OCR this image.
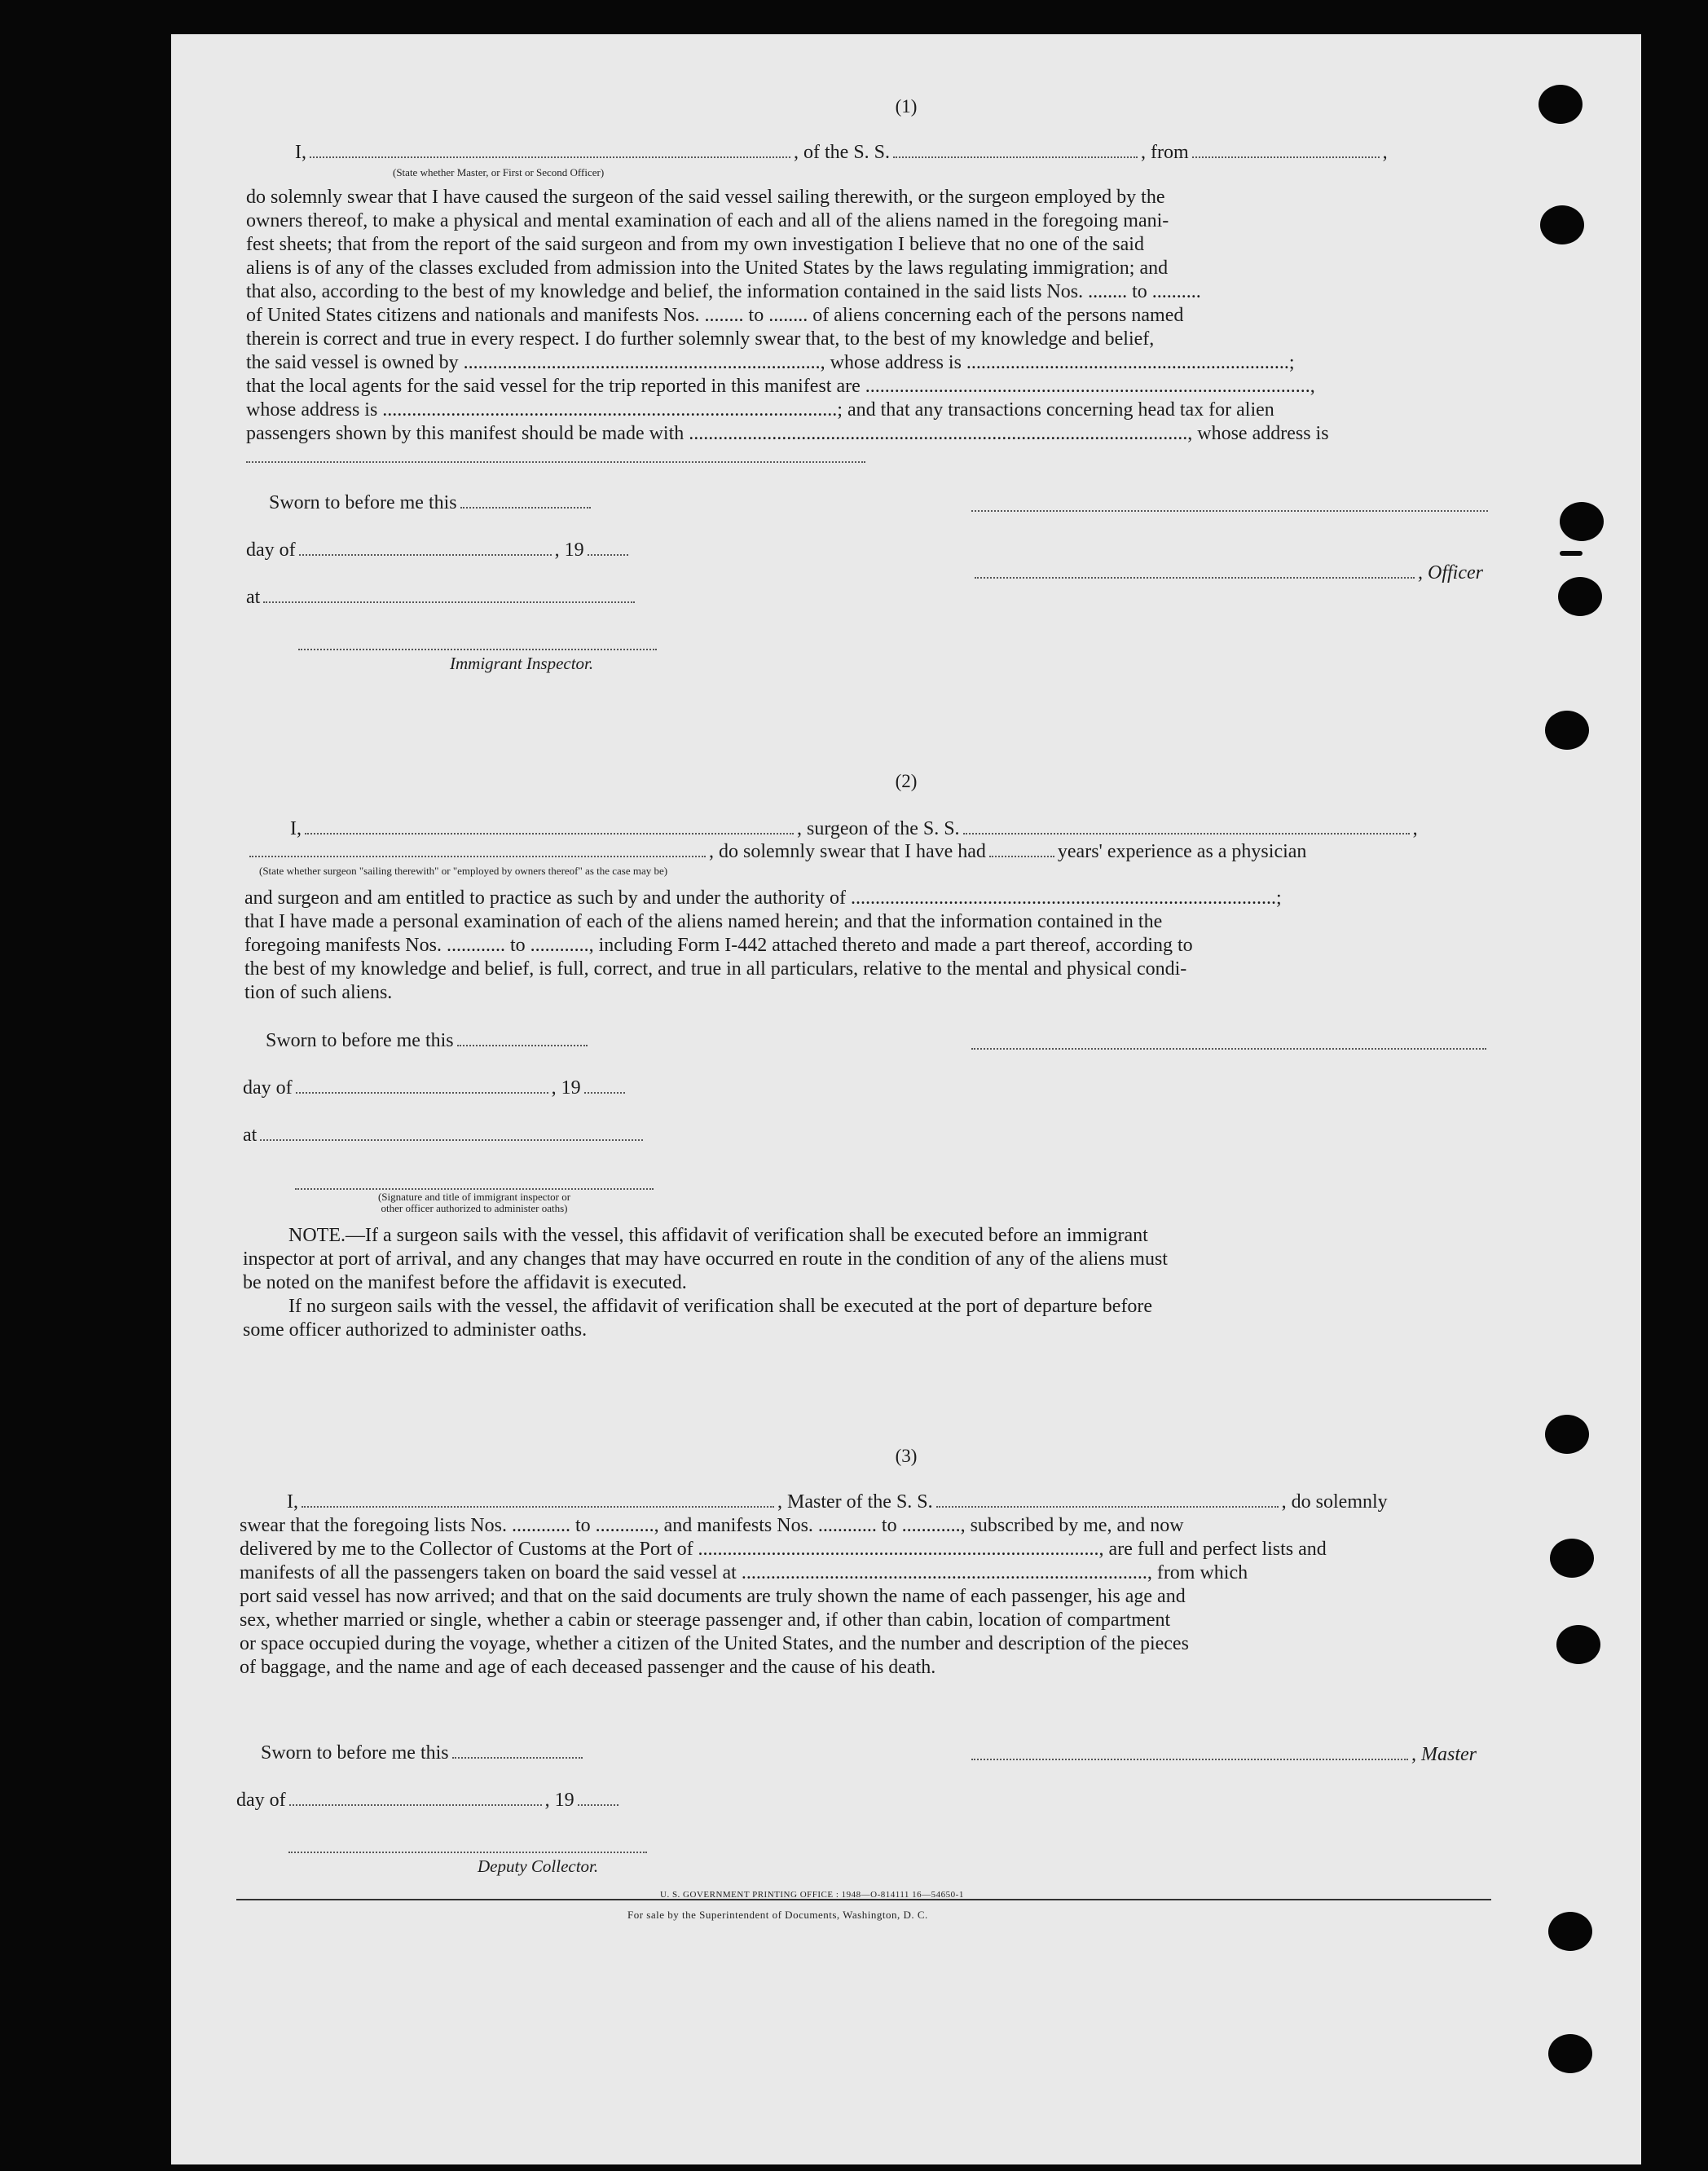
(1)
I,	, of the S. S.	, from	,
(State whether Master, or First or Second Officer)
do solemnly swear that I have caused the surgeon of the said vessel sailing therewith, or the surgeon employed by the
owners thereof, to make a physical and mental examination of each and all of the aliens named in the foregoing mani-
fest sheets; that from the report of the said surgeon and from my own investigation I believe that no one of the said
aliens is of any of the classes excluded from admission into the United States by the laws regulating immigration; and
that also, according to the best of my knowledge and belief, the information contained in the said lists Nos. ........ to ..........
of United States citizens and nationals and manifests Nos. ........ to ........ of aliens concerning each of the persons named
therein is correct and true in every respect. I do further solemnly swear that, to the best of my knowledge and belief,
the said vessel is owned by ........................................................................., whose address is ..................................................................;
that the local agents for the said vessel for the trip reported in this manifest are ...........................................................................................,
whose address is .............................................................................................; and that any transactions concerning head tax for alien
passengers shown by this manifest should be made with ......................................................................................................, whose address is
Sworn to before me this
day of	, 19
, Officer
at
Immigrant Inspector.
(2)
I,	, surgeon of the S. S.	,
, do solemnly swear that I have had	years' experience as a physician
(State whether surgeon "sailing therewith" or "employed by owners thereof" as the case may be)
and surgeon and am entitled to practice as such by and under the authority of .......................................................................................;
that I have made a personal examination of each of the aliens named herein; and that the information contained in the
foregoing manifests Nos. ............ to ............, including Form I-442 attached thereto and made a part thereof, according to
the best of my knowledge and belief, is full, correct, and true in all particulars, relative to the mental and physical condi-
tion of such aliens.
Sworn to before me this
day of	, 19
at
(Signature and title of immigrant inspector or
other officer authorized to administer oaths)
NOTE.—If a surgeon sails with the vessel, this affidavit of verification shall be executed before an immigrant
inspector at port of arrival, and any changes that may have occurred en route in the condition of any of the aliens must
be noted on the manifest before the affidavit is executed.
If no surgeon sails with the vessel, the affidavit of verification shall be executed at the port of departure before
some officer authorized to administer oaths.
(3)
I,	, Master of the S. S.	, do solemnly
swear that the foregoing lists Nos. ............ to ............, and manifests Nos. ............ to ............, subscribed by me, and now
delivered by me to the Collector of Customs at the Port of .................................................................................., are full and perfect lists and
manifests of all the passengers taken on board the said vessel at ..................................................................................., from which
port said vessel has now arrived; and that on the said documents are truly shown the name of each passenger, his age and
sex, whether married or single, whether a cabin or steerage passenger and, if other than cabin, location of compartment
or space occupied during the voyage, whether a citizen of the United States, and the number and description of the pieces
of baggage, and the name and age of each deceased passenger and the cause of his death.
Sworn to before me this	, Master
day of	, 19
Deputy Collector.
U. S. GOVERNMENT PRINTING OFFICE : 1948—O-814111 16—54650-1
For sale by the Superintendent of Documents, Washington, D. C.
